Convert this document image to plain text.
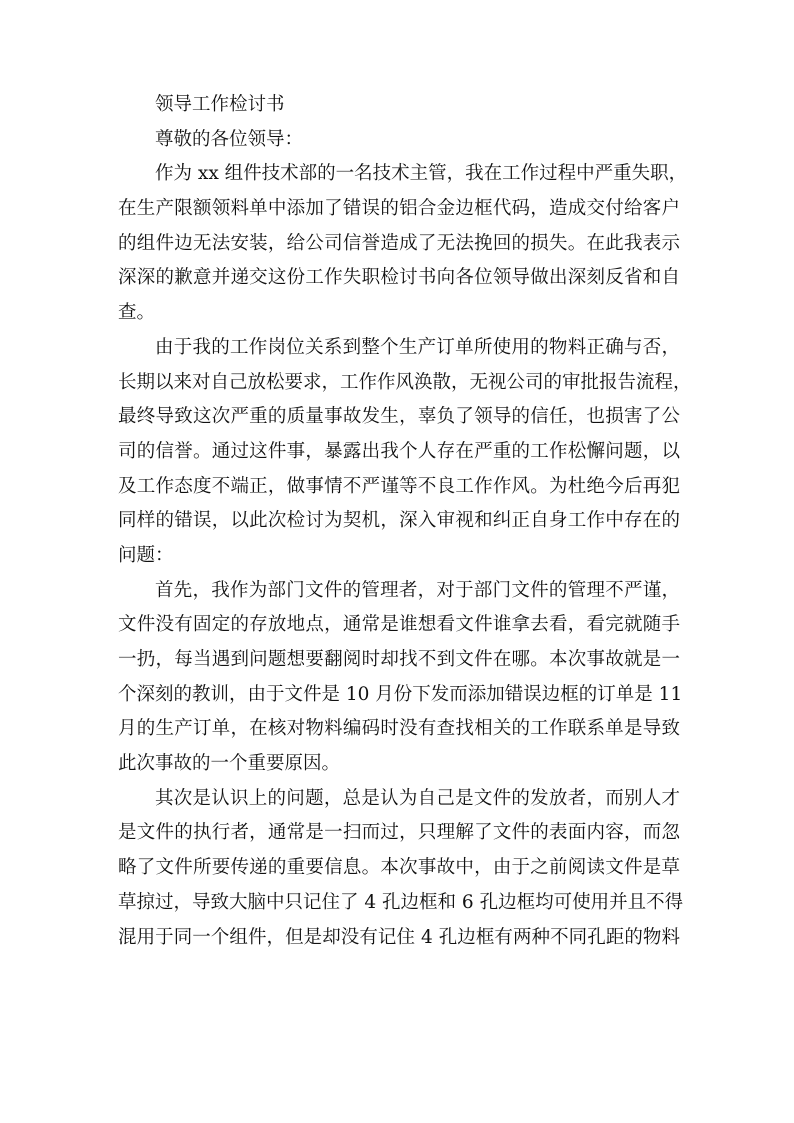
领导工作检讨书
尊敬的各位领导：
作为 xx 组件技术部的一名技术主管，我在工作过程中严重失职，
在生产限额领料单中添加了错误的铝合金边框代码，造成交付给客户
的组件边无法安装，给公司信誉造成了无法挽回的损失。在此我表示
深深的歉意并递交这份工作失职检讨书向各位领导做出深刻反省和自
查。
由于我的工作岗位关系到整个生产订单所使用的物料正确与否，
长期以来对自己放松要求，工作作风涣散，无视公司的审批报告流程，
最终导致这次严重的质量事故发生，辜负了领导的信任，也损害了公
司的信誉。通过这件事，暴露出我个人存在严重的工作松懈问题，以
及工作态度不端正，做事情不严谨等不良工作作风。为杜绝今后再犯
同样的错误，以此次检讨为契机，深入审视和纠正自身工作中存在的
问题：
首先，我作为部门文件的管理者，对于部门文件的管理不严谨，
文件没有固定的存放地点，通常是谁想看文件谁拿去看，看完就随手
一扔，每当遇到问题想要翻阅时却找不到文件在哪。本次事故就是一
个深刻的教训，由于文件是 10 月份下发而添加错误边框的订单是 11
月的生产订单，在核对物料编码时没有查找相关的工作联系单是导致
此次事故的一个重要原因。
其次是认识上的问题，总是认为自己是文件的发放者，而别人才
是文件的执行者，通常是一扫而过，只理解了文件的表面内容，而忽
略了文件所要传递的重要信息。本次事故中，由于之前阅读文件是草
草掠过，导致大脑中只记住了 4 孔边框和 6 孔边框均可使用并且不得
混用于同一个组件，但是却没有记住 4 孔边框有两种不同孔距的物料
